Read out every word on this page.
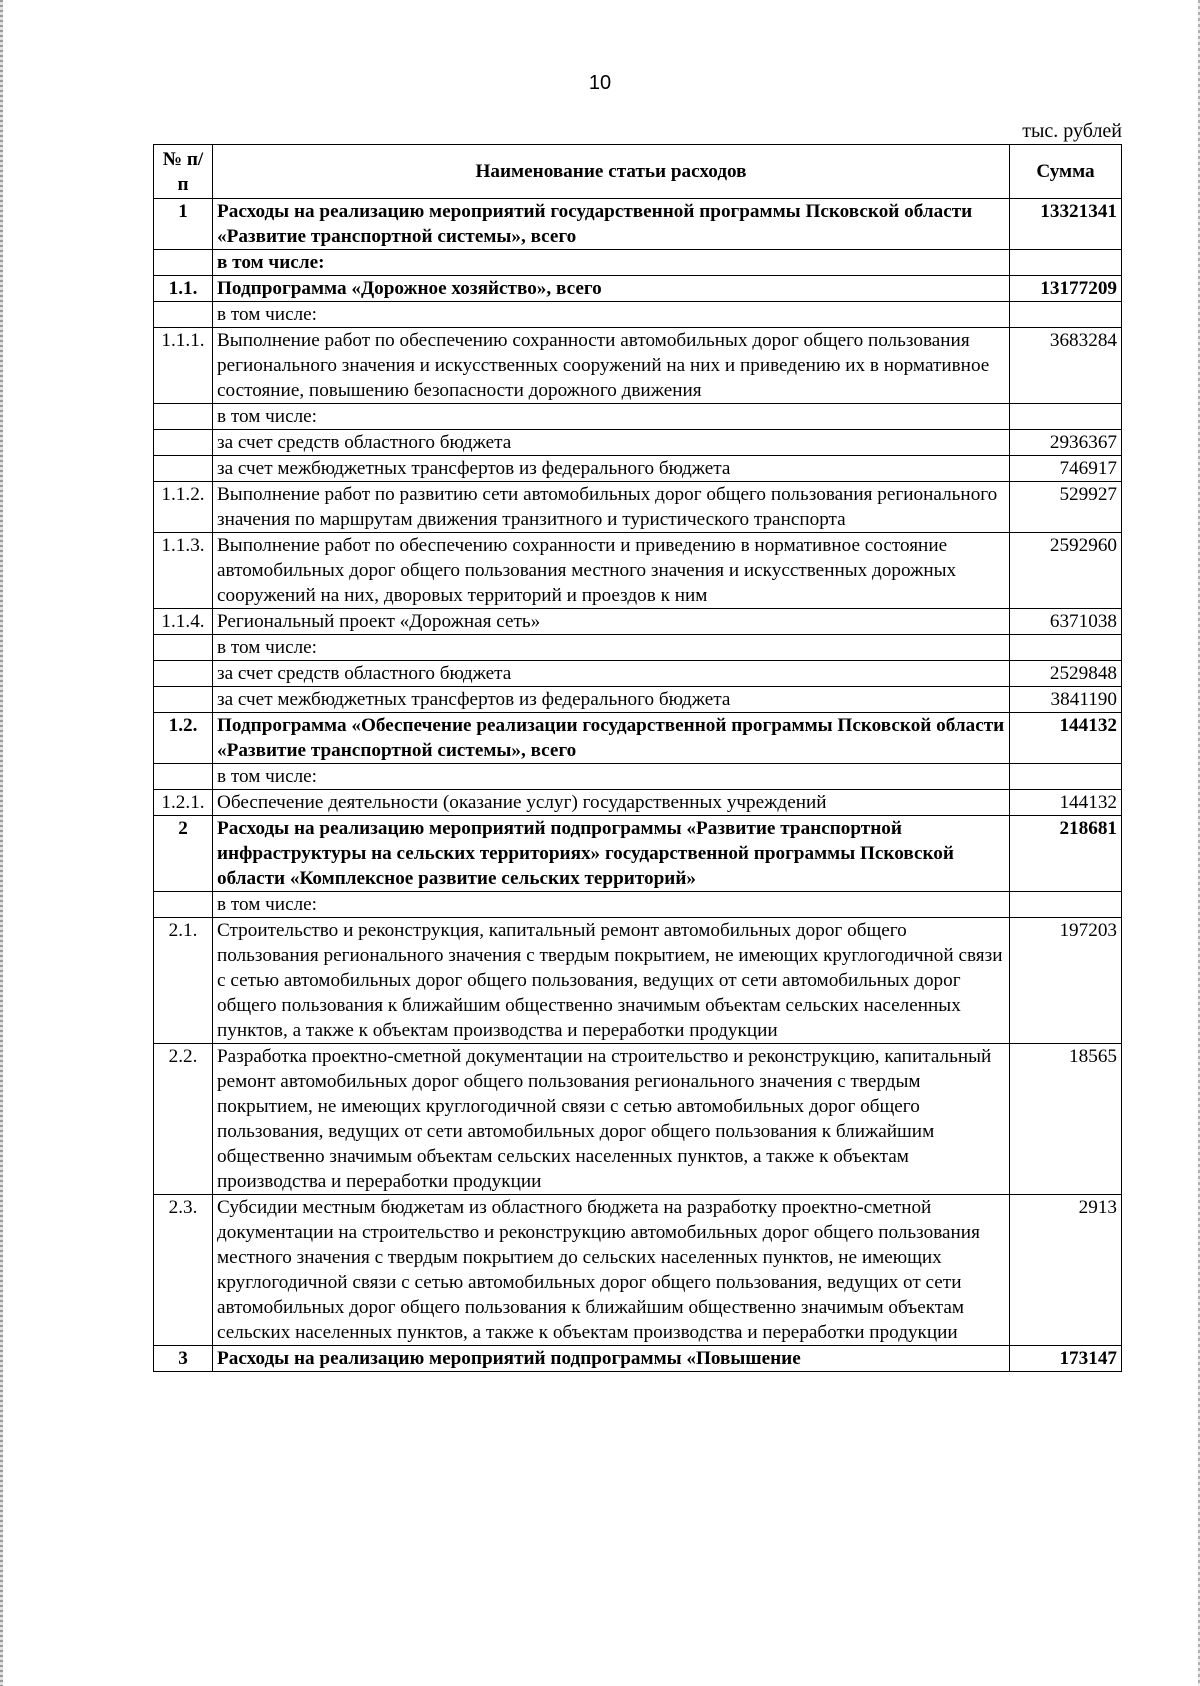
10
тыс. рублей
№ п/п	Наименование статьи расходов	Сумма
1	Расходы на реализацию мероприятий государственной программы Псковской области «Развитие транспортной системы», всего	13321341
	в том числе:	
1.1.	Подпрограмма «Дорожное хозяйство», всего	13177209
	в том числе:	
1.1.1.	Выполнение работ по обеспечению сохранности автомобильных дорог общего пользования регионального значения и искусственных сооружений на них и приведению их в нормативное состояние, повышению безопасности дорожного движения	3683284
	в том числе:	
	за счет средств областного бюджета	2936367
	за счет межбюджетных трансфертов из федерального бюджета	746917
1.1.2.	Выполнение работ по развитию сети автомобильных дорог общего пользования регионального значения по маршрутам движения транзитного и туристического транспорта	529927
1.1.3.	Выполнение работ по обеспечению сохранности и приведению в нормативное состояние автомобильных дорог общего пользования местного значения и искусственных дорожных сооружений на них, дворовых территорий и проездов к ним	2592960
1.1.4.	Региональный проект «Дорожная сеть»	6371038
	в том числе:	
	за счет средств областного бюджета	2529848
	за счет межбюджетных трансфертов из федерального бюджета	3841190
1.2.	Подпрограмма «Обеспечение реализации государственной программы Псковской области «Развитие транспортной системы», всего	144132
	в том числе:	
1.2.1.	Обеспечение деятельности (оказание услуг) государственных учреждений	144132
2	Расходы на реализацию мероприятий подпрограммы «Развитие транспортной инфраструктуры на сельских территориях» государственной программы Псковской области «Комплексное развитие сельских территорий»	218681
	в том числе:	
2.1.	Строительство и реконструкция, капитальный ремонт автомобильных дорог общего пользования регионального значения с твердым покрытием, не имеющих круглогодичной связи с сетью автомобильных дорог общего пользования, ведущих от сети автомобильных дорог общего пользования к ближайшим общественно значимым объектам сельских населенных пунктов, а также к объектам производства и переработки продукции	197203
2.2.	Разработка проектно-сметной документации на строительство и реконструкцию, капитальный ремонт автомобильных дорог общего пользования регионального значения с твердым покрытием, не имеющих круглогодичной связи с сетью автомобильных дорог общего пользования, ведущих от сети автомобильных дорог общего пользования к ближайшим общественно значимым объектам сельских населенных пунктов, а также к объектам производства и переработки продукции	18565
2.3.	Субсидии местным бюджетам из областного бюджета на разработку проектно-сметной документации на строительство и реконструкцию автомобильных дорог общего пользования местного значения с твердым покрытием до сельских населенных пунктов, не имеющих круглогодичной связи с сетью автомобильных дорог общего пользования, ведущих от сети автомобильных дорог общего пользования к ближайшим общественно значимым объектам сельских населенных пунктов, а также к объектам производства и переработки продукции	2913
3	Расходы на реализацию мероприятий подпрограммы «Повышение	173147
